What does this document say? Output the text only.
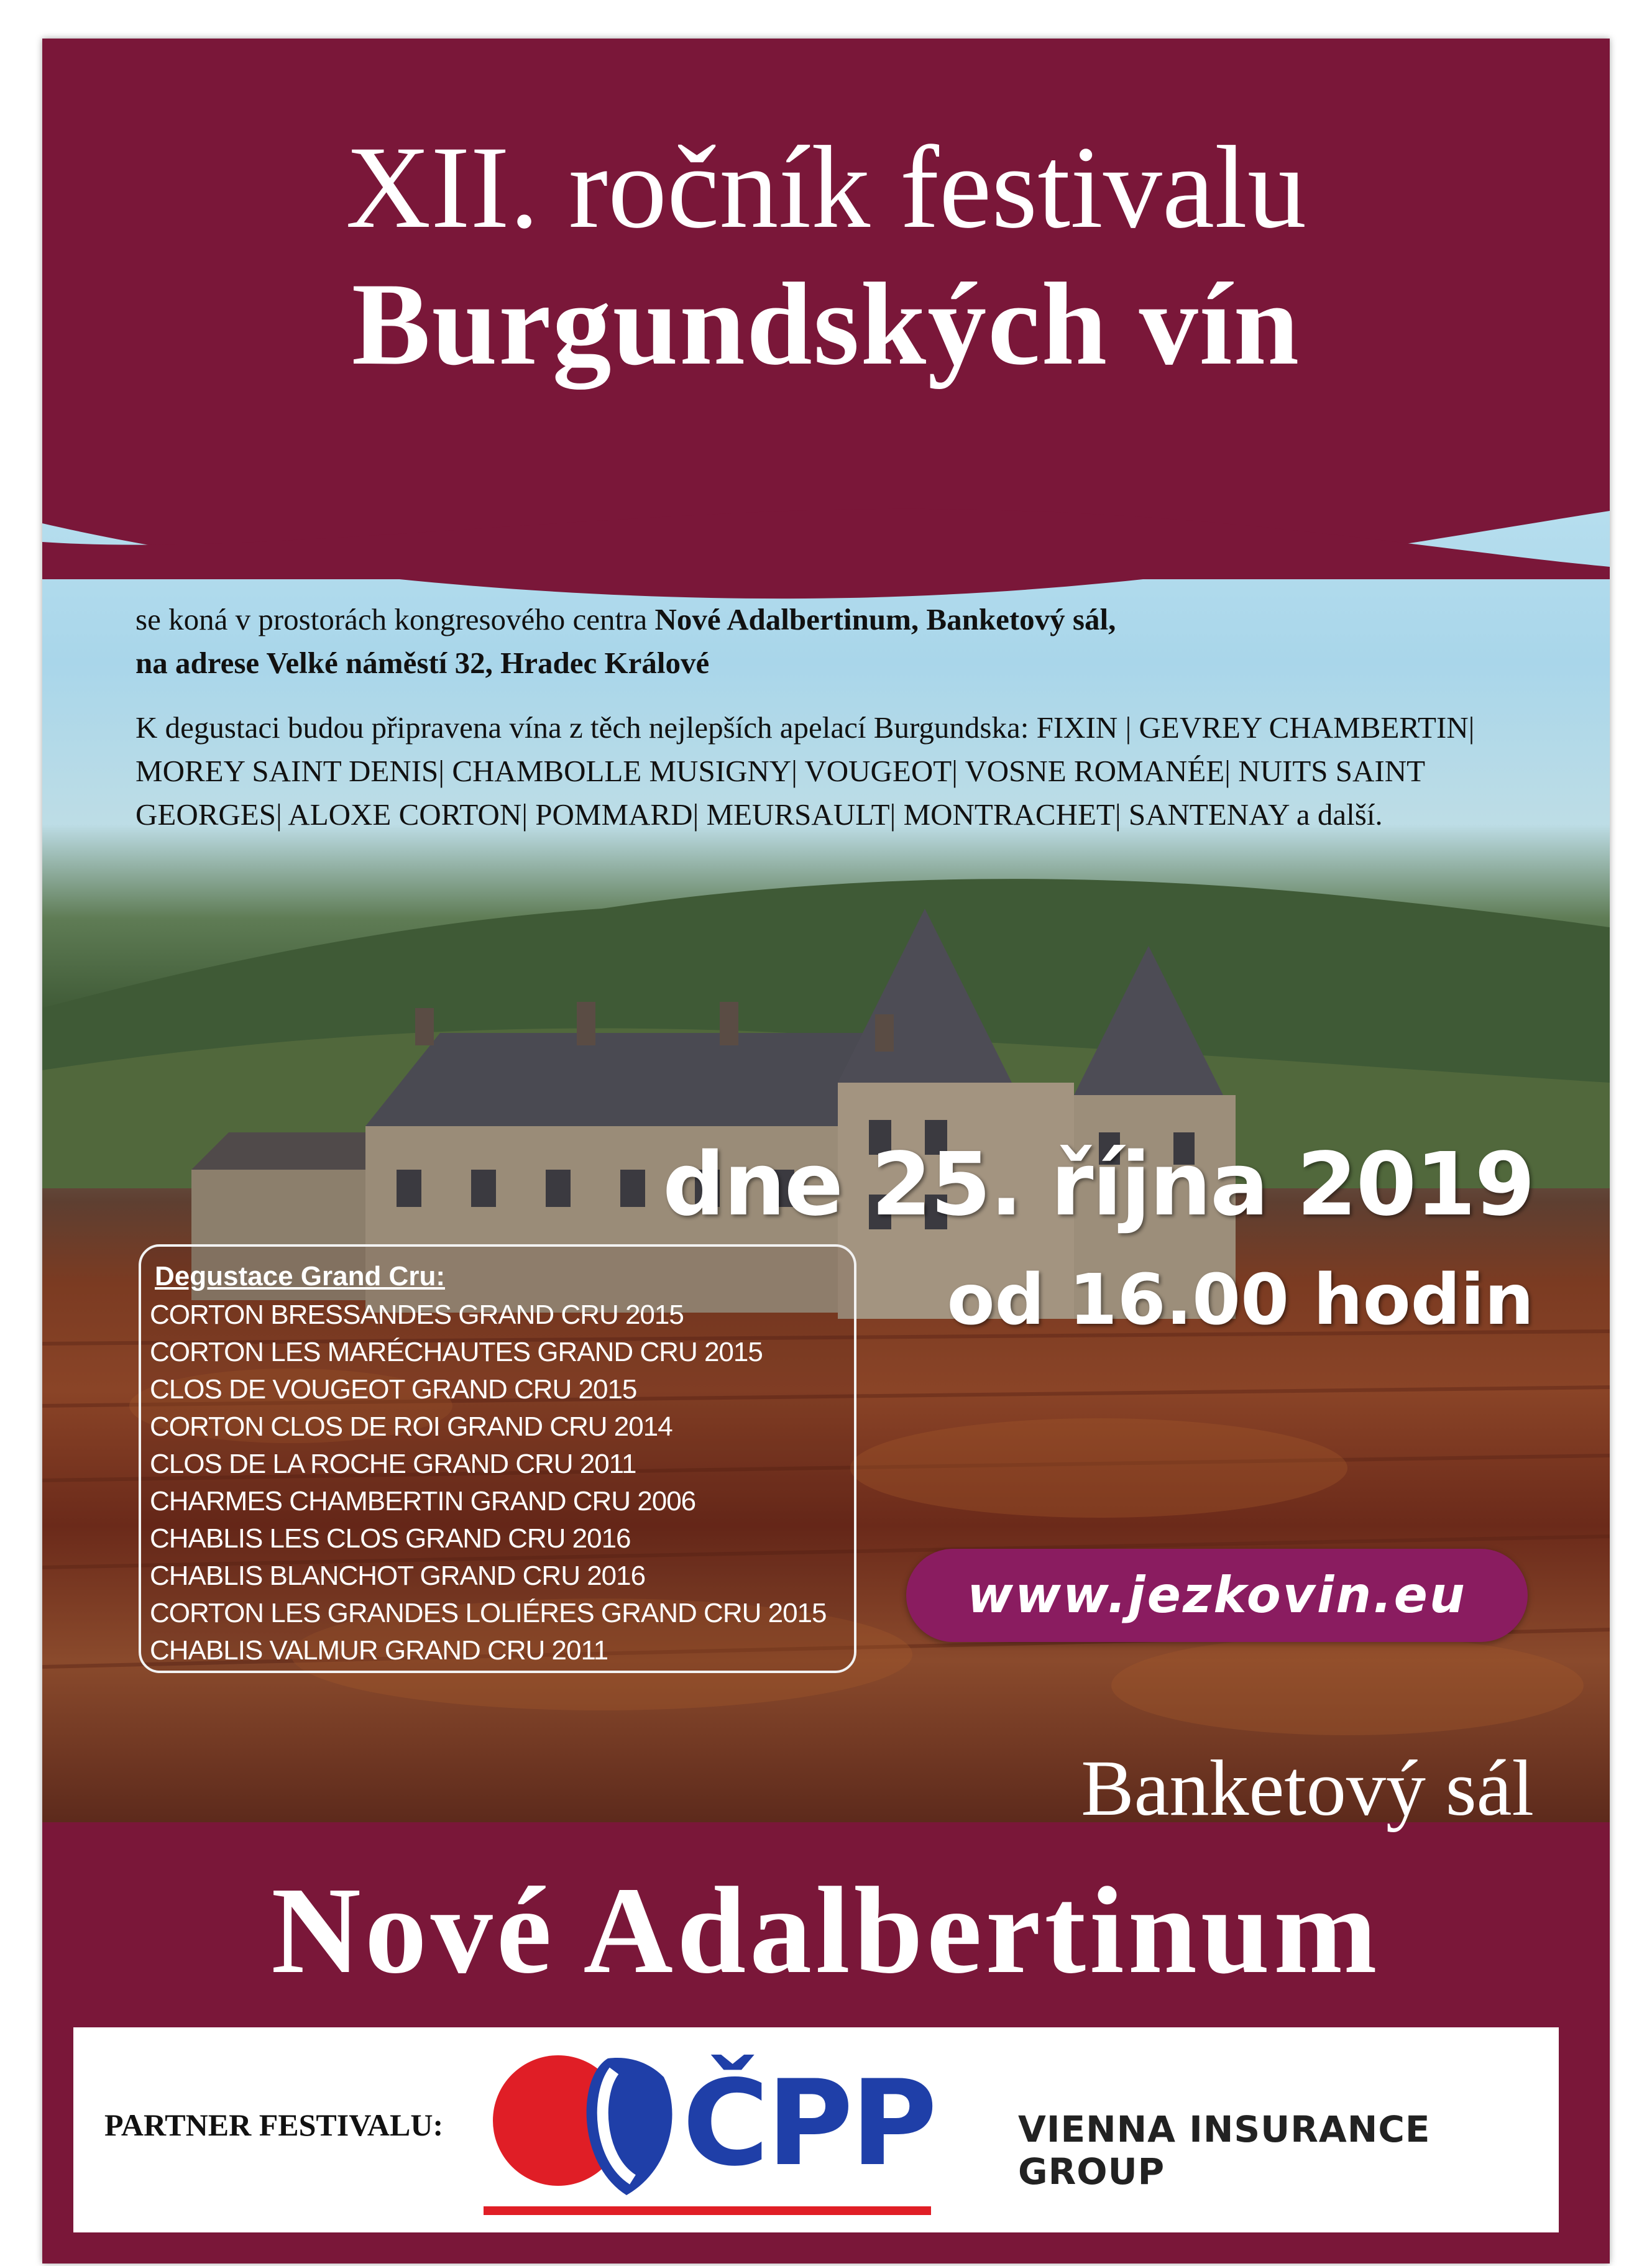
XII. ročník festivalu
Burgundských vín

se koná v prostorách kongresového centra Nové Adalbertinum, Banketový sál,
na adrese Velké náměstí 32, Hradec Králové

K degustaci budou připravena vína z těch nejlepších apelací Burgundska: FIXIN | GEVREY CHAMBERTIN| MOREY SAINT DENIS| CHAMBOLLE MUSIGNY| VOUGEOT| VOSNE ROMANÉE| NUITS SAINT GEORGES| ALOXE CORTON| POMMARD| MEURSAULT| MONTRACHET| SANTENAY a další.

dne 25. října 2019
od 16.00 hodin
Degustace Grand Cru:
CORTON BRESSANDES GRAND CRU 2015
CORTON LES MARÉCHAUTES GRAND CRU 2015
CLOS DE VOUGEOT GRAND CRU 2015
CORTON CLOS DE ROI GRAND CRU 2014
CLOS DE LA ROCHE GRAND CRU 2011
CHARMES CHAMBERTIN GRAND CRU 2006
CHABLIS LES CLOS GRAND CRU 2016
CHABLIS BLANCHOT GRAND CRU 2016
CORTON LES GRANDES LOLIÉRES GRAND CRU 2015
CHABLIS VALMUR GRAND CRU 2011
www.jezkovin.eu
Banketový sál
Nové Adalbertinum
PARTNER FESTIVALU: ČPP VIENNA INSURANCE GROUP
